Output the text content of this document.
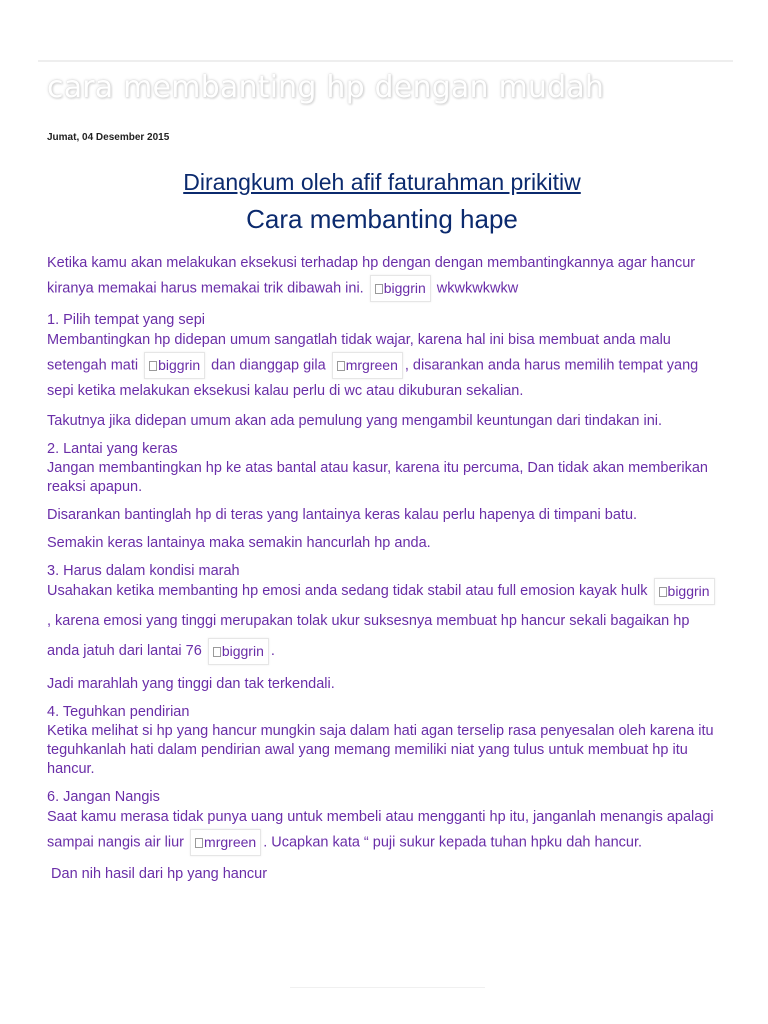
cara membanting hp dengan mudah
Jumat, 04 Desember 2015
Dirangkum oleh afif faturahman prikitiw
Cara membanting hape

Ketika kamu akan melakukan eksekusi terhadap hp dengan dengan membantingkannya agar hancur kiranya memakai harus memakai trik dibawah ini. biggrin wkwkwkwkw

1. Pilih tempat yang sepi

Membantingkan hp didepan umum sangatlah tidak wajar, karena hal ini bisa membuat anda malu setengah mati biggrin dan dianggap gila mrgreen , disarankan anda harus memilih tempat yang sepi ketika melakukan eksekusi kalau perlu di wc atau dikuburan sekalian.

Takutnya jika didepan umum akan ada pemulung yang mengambil keuntungan dari tindakan ini.

2. Lantai yang keras

Jangan membantingkan hp ke atas bantal atau kasur, karena itu percuma, Dan tidak akan memberikan reaksi apapun.

Disarankan bantinglah hp di teras yang lantainya keras kalau perlu hapenya di timpani batu.

Semakin keras lantainya maka semakin hancurlah hp anda.

3. Harus dalam kondisi marah

Usahakan ketika membanting hp emosi anda sedang tidak stabil atau full emosion kayak hulk biggrin, karena emosi yang tinggi merupakan tolak ukur suksesnya membuat hp hancur sekali bagaikan hp anda jatuh dari lantai 76 biggrin .

Jadi marahlah yang tinggi dan tak terkendali.

4. Teguhkan pendirian

Ketika melihat si hp yang hancur mungkin saja dalam hati agan terselip rasa penyesalan oleh karena itu teguhkanlah hati dalam pendirian awal yang memang memiliki niat yang tulus untuk membuat hp itu hancur.

6. Jangan Nangis

Saat kamu merasa tidak punya uang untuk membeli atau mengganti hp itu, janganlah menangis apalagi sampai nangis air liur mrgreen . Ucapkan kata “ puji sukur kepada tuhan hpku dah hancur.

Dan nih hasil dari hp yang hancur
